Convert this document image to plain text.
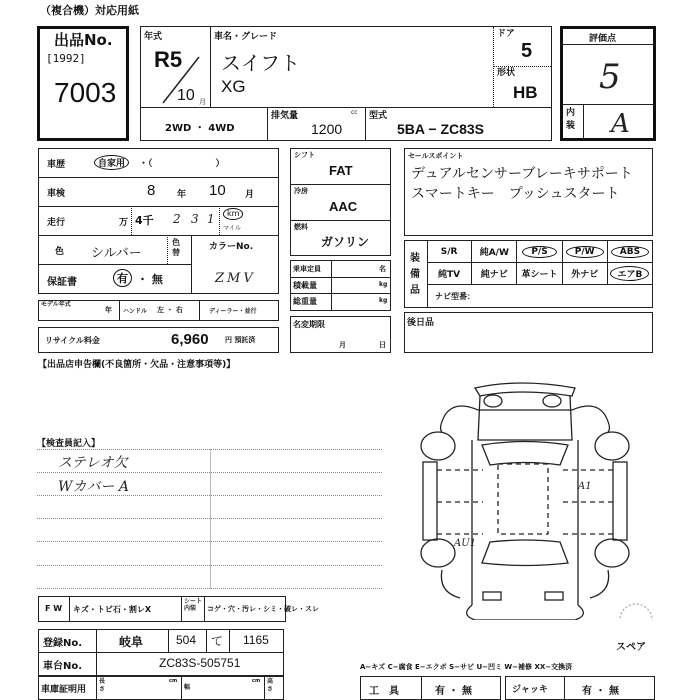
（複合機）対応用紙
出品No.
[1992]
7003
年式
R5
10 月
車名・グレード
スイフト
XG
ドア
5
形状
HB
2WD ・ 4WD
排気量	cc
1200
型式
5BA − ZC83S
評価点
5
内装 A
車歴	自家用	・（　　　　　　　）
車検	8 年 10 月
走行	万 4千 2 3 1	km
マイル
色 シルバー
色替
カラーNo.
ZMV
保証書	有 ・ 無
モデル年式
年 ハンドル 左 ・ 右	ディーラー・並行
リサイクル料金	6,960 円 預託済
【出品店申告欄(不良箇所・欠品・注意事項等)】
シフト
FAT
冷房
AAC
燃料
ガソリン
乗車定員	名
積載量	kg
総重量	kg
名変期限
月	日
セールスポイント
デュアルセンサーブレーキサポート
スマートキー　プッシュスタート
装備品
S/R 純A/W	P/S	P/W	ABS
純TV 純ナビ 革シート 外ナビ	エアB
ナビ型番：
後日品
【検査員記入】
ステレオ欠
Wカバー A	A1
AU1
スペア
F W キズ・トビ石・割レX
シート内装	コゲ・穴・汚レ・シミ・破レ・スレ
登録No.	岐阜	504 て 1165
車台No.	ZC83S-505751
車庫証明用
長さ
cm
幅
cm 高さ
A−キズ C−腐食 E−エクボ S−サビ U−凹ミ W−補修 XX−交換済
工　具	有 ・ 無	ジャッキ	有 ・ 無
